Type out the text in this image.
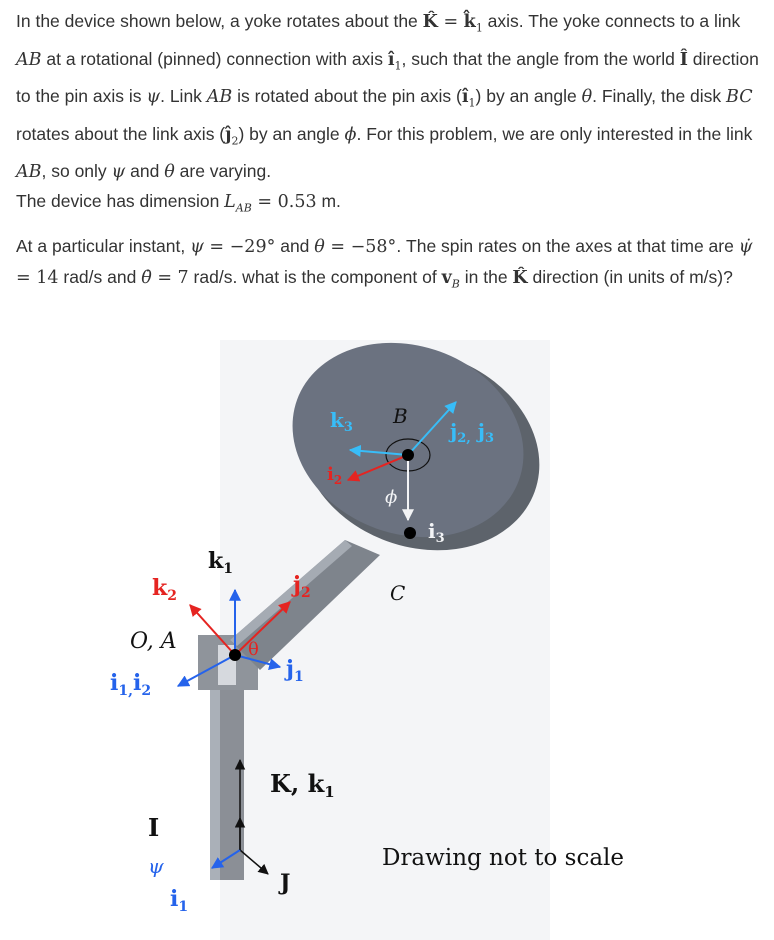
In the device shown below, a yoke rotates about the K̂ = $k̂_1$ axis. The yoke connects to a link AB at a rotational (pinned) connection with axis $î_1$, such that the angle from the world Î direction to the pin axis is ψ. Link AB is rotated about the pin axis $(î_1)$ by an angle θ. Finally, the disk BC rotates about the link axis $(ĵ_2)$ by an angle ϕ. For this problem, we are only interested in the link AB, so only ψ and θ are varying.
The device has dimension $L_{AB} = 0.53$ m.
At a particular instant, ψ = −29° and θ = −58°. The spin rates on the axes at that time are ψ̇ = 14 rad/s and θ̇ = 7 rad/s. what is the component of $v_B$ in the K̂ direction (in units of m/s)?
$k_3$ B
$j_{2,}$ $j_3$
$i_2$
ϕ
$i_3$
C
$k_1$
$k_2$	$j_2$
O, A
$i_{1,}i_2$
θ
$j_1$
K, $k_1$
I
ψ
J
$i_1$
Drawing not to scale
